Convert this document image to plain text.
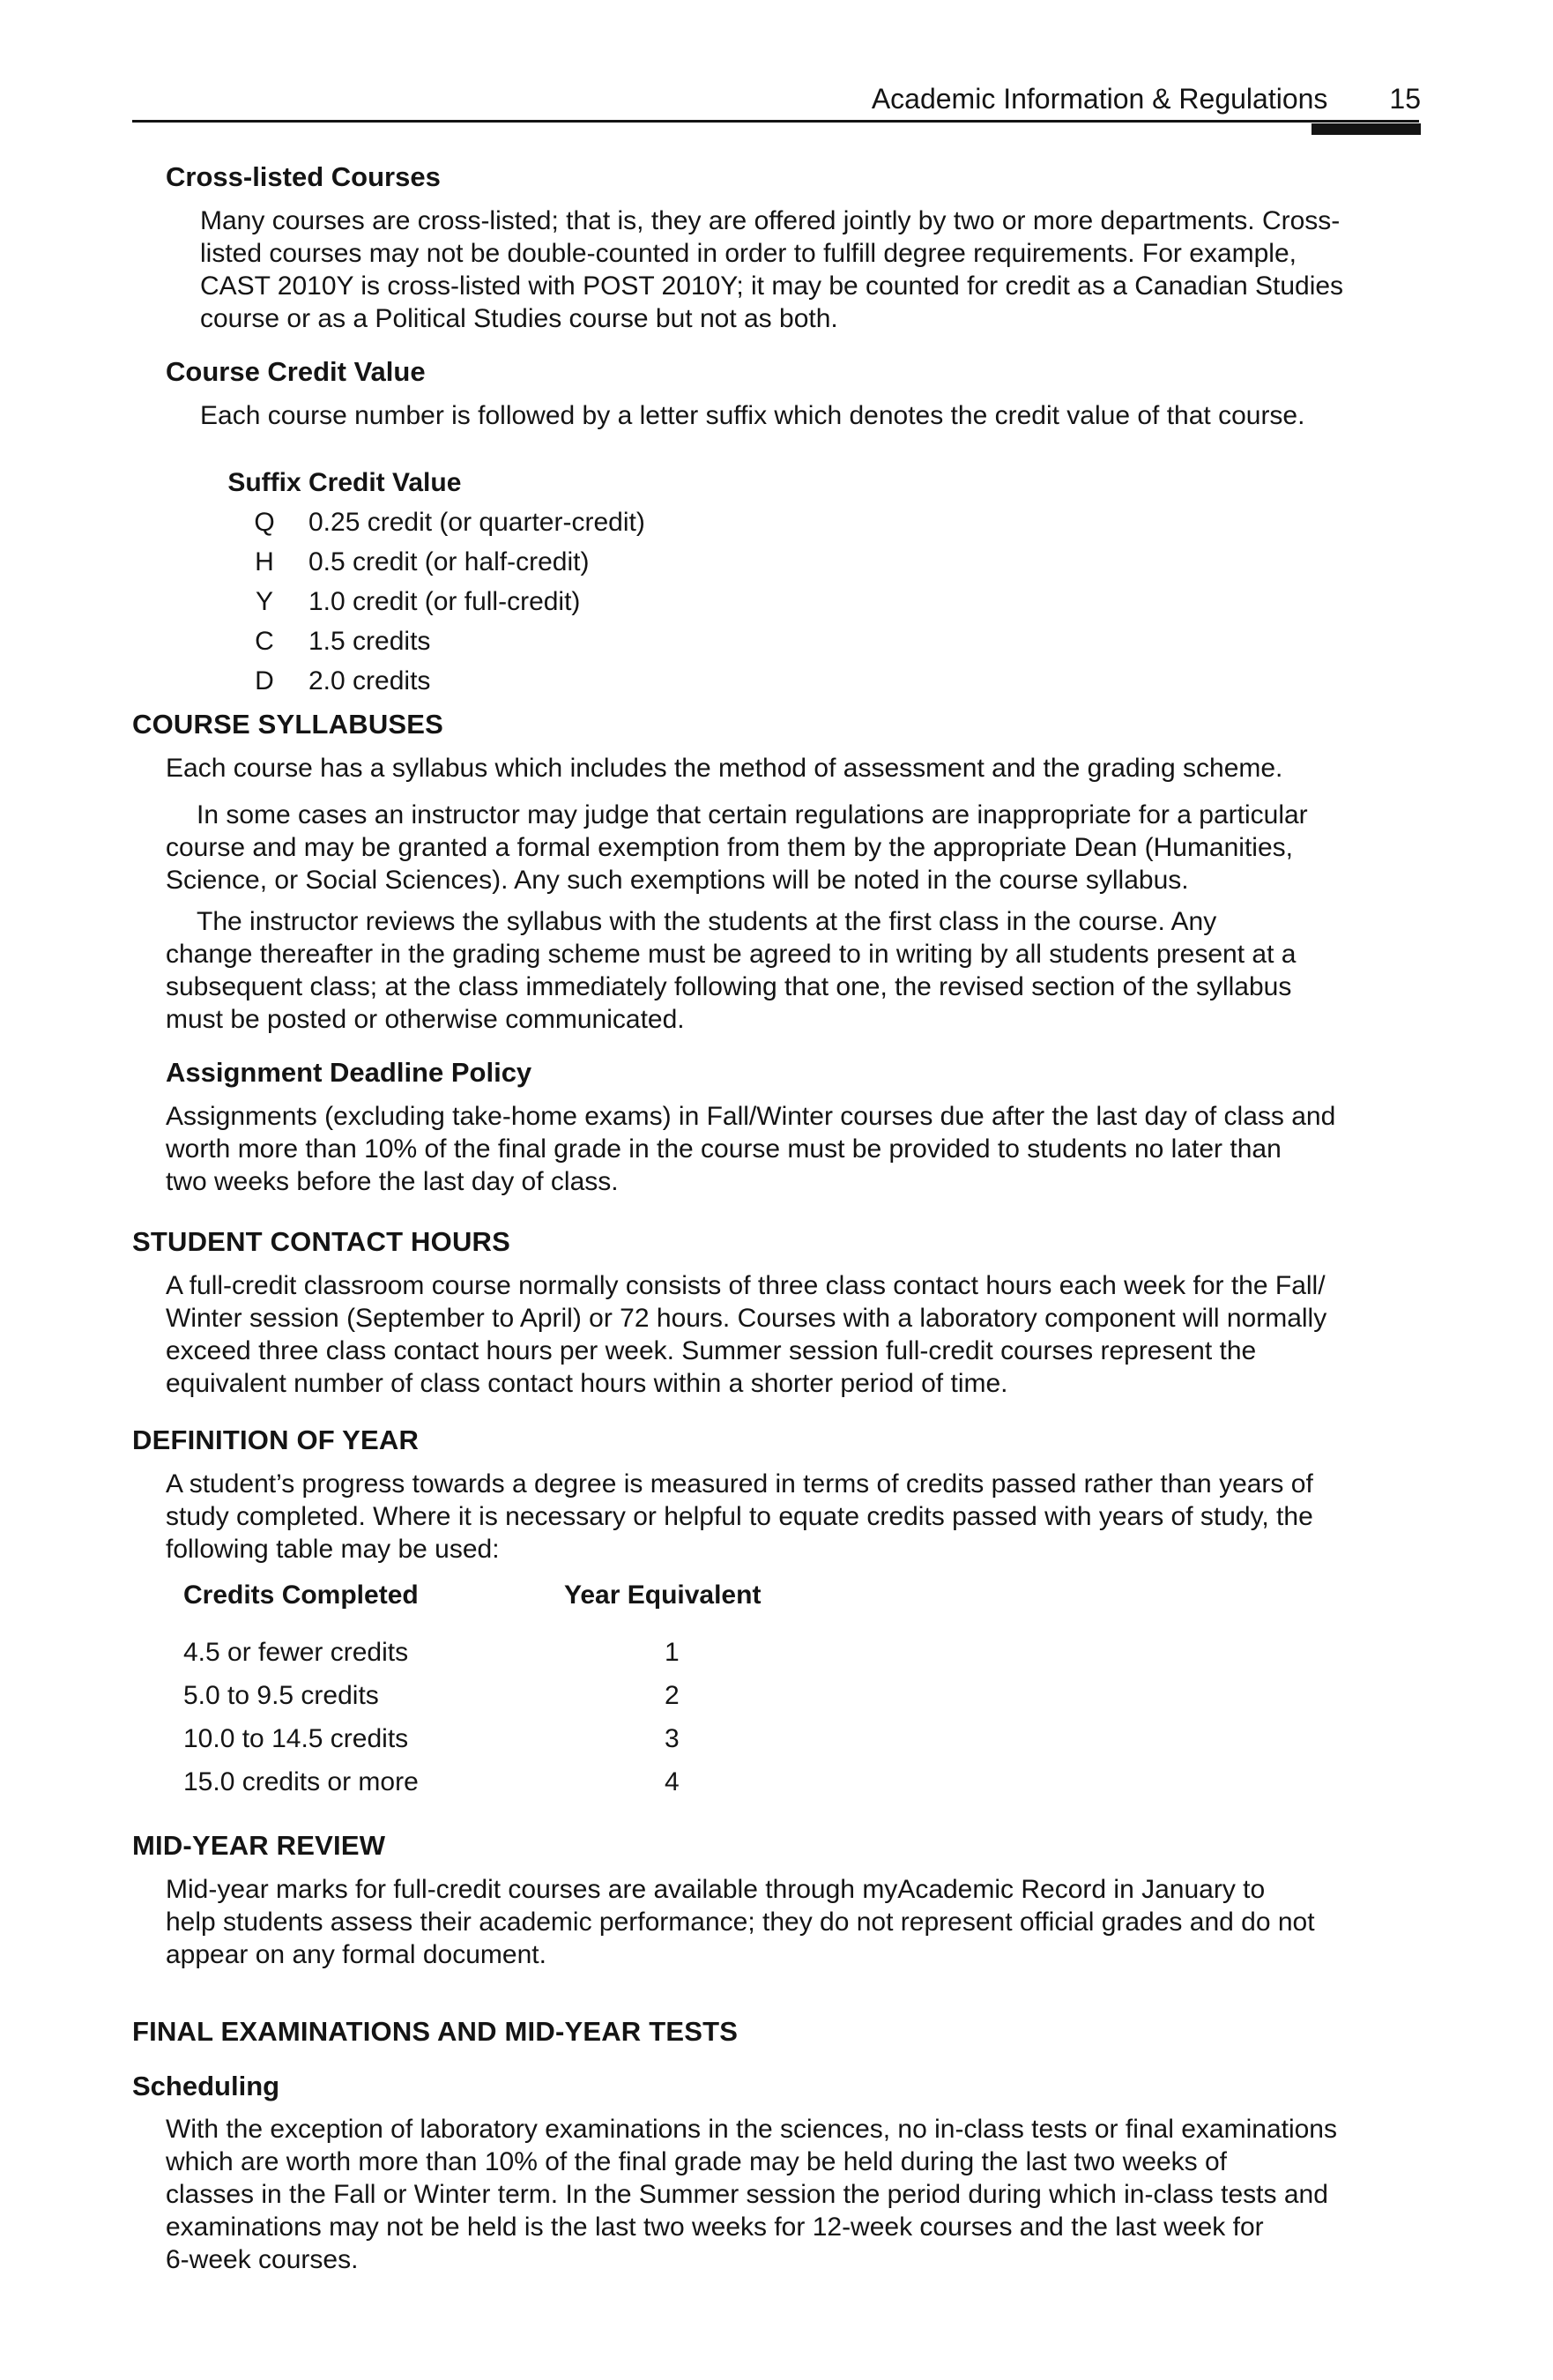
Academic Information & Regulations 15
Cross-listed Courses
Many courses are cross-listed; that is, they are offered jointly by two or more departments. Cross-
listed courses may not be double-counted in order to fulfill degree requirements. For example,
CAST 2010Y is cross-listed with POST 2010Y; it may be counted for credit as a Canadian Studies
course or as a Political Studies course but not as both.
Course Credit Value
Each course number is followed by a letter suffix which denotes the credit value of that course.
Suffix Credit Value
Q	0.25 credit (or quarter-credit)
H	0.5 credit (or half-credit)
Y	1.0 credit (or full-credit)
C	1.5 credits
D	2.0 credits
COURSE SYLLABUSES
Each course has a syllabus which includes the method of assessment and the grading scheme.
In some cases an instructor may judge that certain regulations are inappropriate for a particular
course and may be granted a formal exemption from them by the appropriate Dean (Humanities,
Science, or Social Sciences). Any such exemptions will be noted in the course syllabus.
The instructor reviews the syllabus with the students at the first class in the course. Any
change thereafter in the grading scheme must be agreed to in writing by all students present at a
subsequent class; at the class immediately following that one, the revised section of the syllabus
must be posted or otherwise communicated.
Assignment Deadline Policy
Assignments (excluding take-home exams) in Fall/Winter courses due after the last day of class and
worth more than 10% of the final grade in the course must be provided to students no later than
two weeks before the last day of class.
STUDENT CONTACT HOURS
A full-credit classroom course normally consists of three class contact hours each week for the Fall/
Winter session (September to April) or 72 hours. Courses with a laboratory component will normally
exceed three class contact hours per week. Summer session full-credit courses represent the
equivalent number of class contact hours within a shorter period of time.
DEFINITION OF YEAR
A student’s progress towards a degree is measured in terms of credits passed rather than years of
study completed. Where it is necessary or helpful to equate credits passed with years of study, the
following table may be used:
Credits Completed	Year Equivalent
4.5 or fewer credits	1
5.0 to 9.5 credits	2
10.0 to 14.5 credits	3
15.0 credits or more	4
MID-YEAR REVIEW
Mid-year marks for full-credit courses are available through myAcademic Record in January to
help students assess their academic performance; they do not represent official grades and do not
appear on any formal document.
FINAL EXAMINATIONS AND MID-YEAR TESTS
Scheduling
With the exception of laboratory examinations in the sciences, no in-class tests or final examinations
which are worth more than 10% of the final grade may be held during the last two weeks of
classes in the Fall or Winter term. In the Summer session the period during which in-class tests and
examinations may not be held is the last two weeks for 12-week courses and the last week for
6-week courses.
